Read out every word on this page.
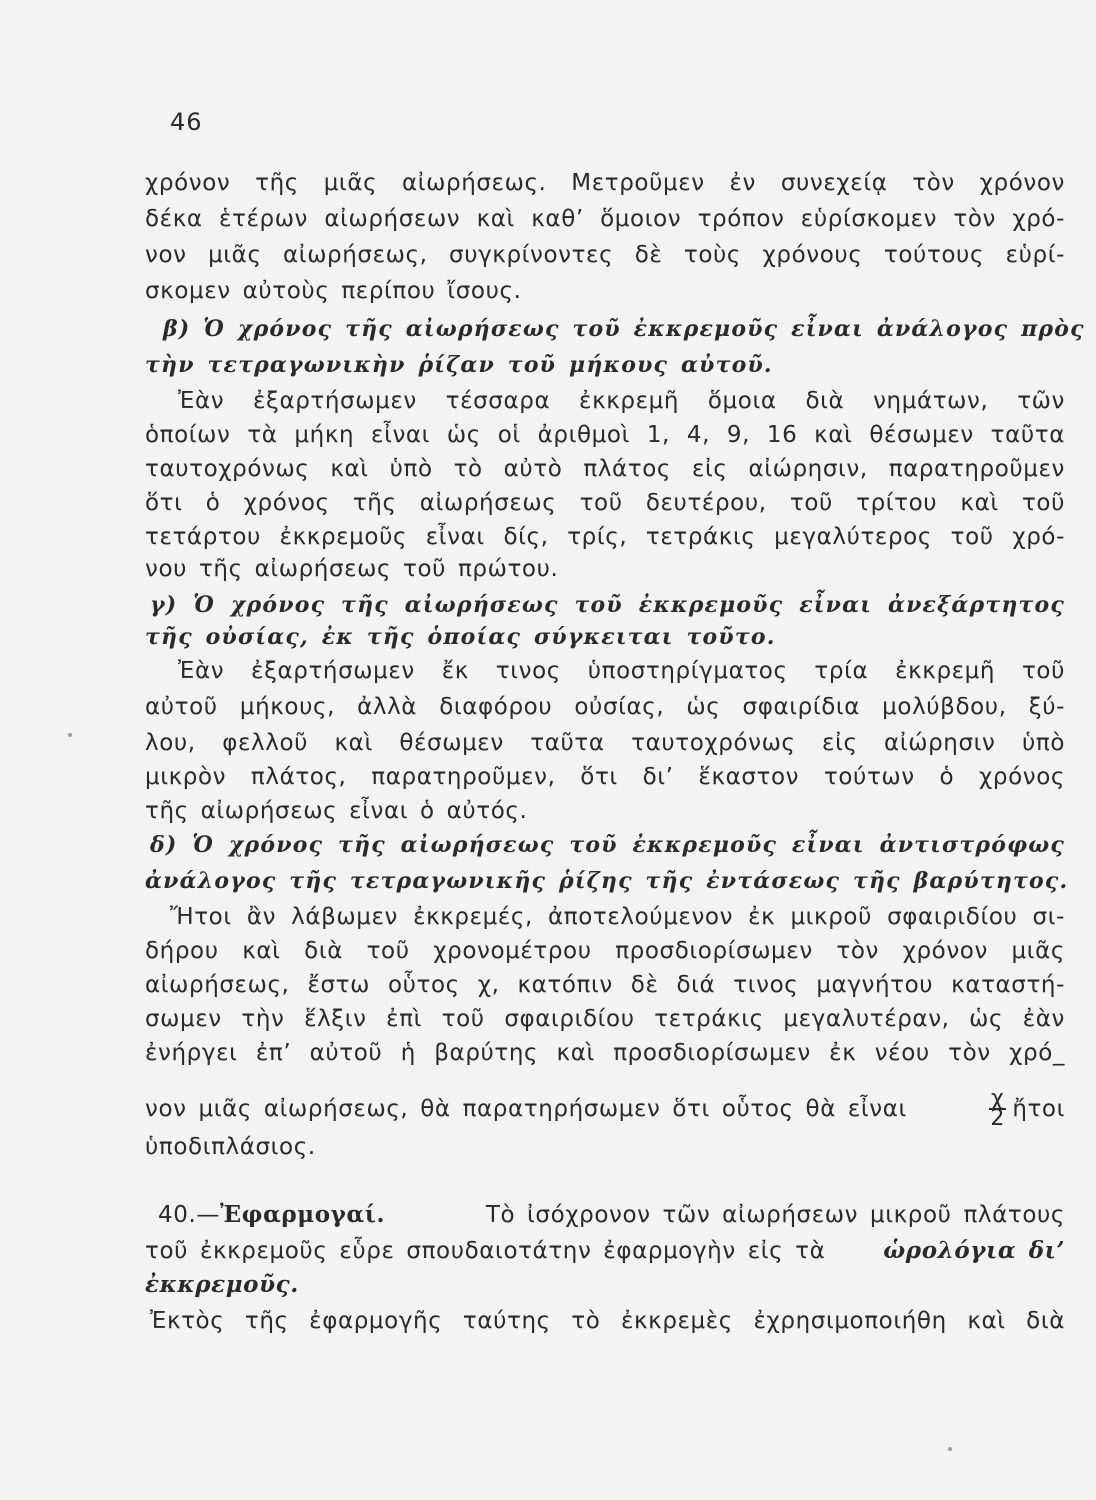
46
χρόνον τῆς μιᾶς αἰωρήσεως. Μετροῦμεν ἐν συνεχείᾳ τὸν χρόνον
δέκα ἑτέρων αἰωρήσεων καὶ καθ’ ὅμοιον τρόπον εὑρίσκομεν τὸν χρό-
νον μιᾶς αἰωρήσεως, συγκρίνοντες δὲ τοὺς χρόνους τούτους εὑρί-
σκομεν αὐτοὺς περίπου ἴσους.
β) Ὁ χρόνος τῆς αἰωρήσεως τοῦ ἐκκρεμοῦς εἶναι ἀνάλογος πρὸς
τὴν τετραγωνικὴν ῥίζαν τοῦ μήκους αὐτοῦ.
Ἐὰν ἐξαρτήσωμεν τέσσαρα ἐκκρεμῆ ὅμοια διὰ νημάτων, τῶν
ὁποίων τὰ μήκη εἶναι ὡς οἱ ἀριθμοὶ 1, 4, 9, 16 καὶ θέσωμεν ταῦτα
ταυτοχρόνως καὶ ὑπὸ τὸ αὐτὸ πλάτος εἰς αἰώρησιν, παρατηροῦμεν
ὅτι ὁ χρόνος τῆς αἰωρήσεως τοῦ δευτέρου, τοῦ τρίτου καὶ τοῦ
τετάρτου ἐκκρεμοῦς εἶναι δίς, τρίς, τετράκις μεγαλύτερος τοῦ χρό-
νου τῆς αἰωρήσεως τοῦ πρώτου.
γ) Ὁ χρόνος τῆς αἰωρήσεως τοῦ ἐκκρεμοῦς εἶναι ἀνεξάρτητος
τῆς οὐσίας, ἐκ τῆς ὁποίας σύγκειται τοῦτο.
Ἐὰν ἐξαρτήσωμεν ἔκ τινος ὑποστηρίγματος τρία ἐκκρεμῆ τοῦ
αὐτοῦ μήκους, ἀλλὰ διαφόρου οὐσίας, ὡς σφαιρίδια μολύβδου, ξύ-
λου, φελλοῦ καὶ θέσωμεν ταῦτα ταυτοχρόνως εἰς αἰώρησιν ὑπὸ
μικρὸν πλάτος, παρατηροῦμεν, ὅτι δι’ ἕκαστον τούτων ὁ χρόνος
τῆς αἰωρήσεως εἶναι ὁ αὐτός.
δ) Ὁ χρόνος τῆς αἰωρήσεως τοῦ ἐκκρεμοῦς εἶναι ἀντιστρόφως
ἀνάλογος τῆς τετραγωνικῆς ῥίζης τῆς ἐντάσεως τῆς βαρύτητος.
Ἤτοι ἂν λάβωμεν ἐκκρεμές, ἀποτελούμενον ἐκ μικροῦ σφαιριδίου σι-
δήρου καὶ διὰ τοῦ χρονομέτρου προσδιορίσωμεν τὸν χρόνον μιᾶς
αἰωρήσεως, ἔστω οὗτος χ, κατόπιν δὲ διά τινος μαγνήτου καταστή-
σωμεν τὴν ἕλξιν ἐπὶ τοῦ σφαιριδίου τετράκις μεγαλυτέραν, ὡς ἐὰν
ἐνήργει ἐπ’ αὐτοῦ ἡ βαρύτης καὶ προσδιορίσωμεν ἐκ νέου τὸν χρό_
νον μιᾶς αἰωρήσεως, θὰ παρατηρήσωμεν ὅτι οὗτος θὰ εἶναι	$\frac{\chi}{2}$ ἤτοι
ὑποδιπλάσιος.
40.—Ἐφαρμογαί.	Τὸ ἰσόχρονον τῶν αἰωρήσεων μικροῦ πλάτους
τοῦ ἐκκρεμοῦς εὗρε σπουδαιοτάτην ἐφαρμογὴν εἰς τὰ	ὡρολόγια δι’
ἐκκρεμοῦς.
Ἐκτὸς τῆς ἐφαρμογῆς ταύτης τὸ ἐκκρεμὲς ἐχρησιμοποιήθη καὶ διὰ
